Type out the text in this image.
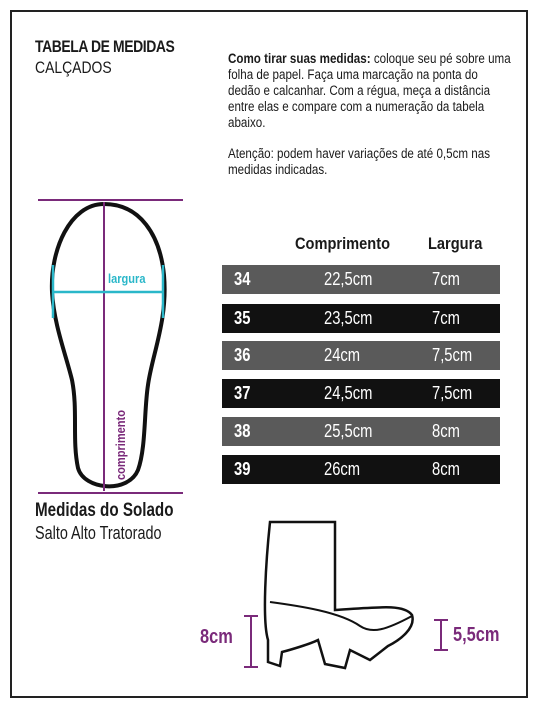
TABELA DE MEDIDAS
CALÇADOS	Como tirar suas medidas: coloque seu pé sobre uma folha de papel. Faça uma marcação na ponta do dedão e calcanhar. Com a régua, meça a distância entre elas e compare com a numeração da tabela abaixo.
Atenção: podem haver variações de até 0,5cm nas medidas indicadas.
largura
comprimento
Medidas do Solado
Salto Alto Tratorado
Comprimento Largura
34	22,5cm	7cm
35	23,5cm	7cm
36	24cm	7,5cm
37	24,5cm	7,5cm
38	25,5cm	8cm
39	26cm	8cm
8cm	5,5cm
